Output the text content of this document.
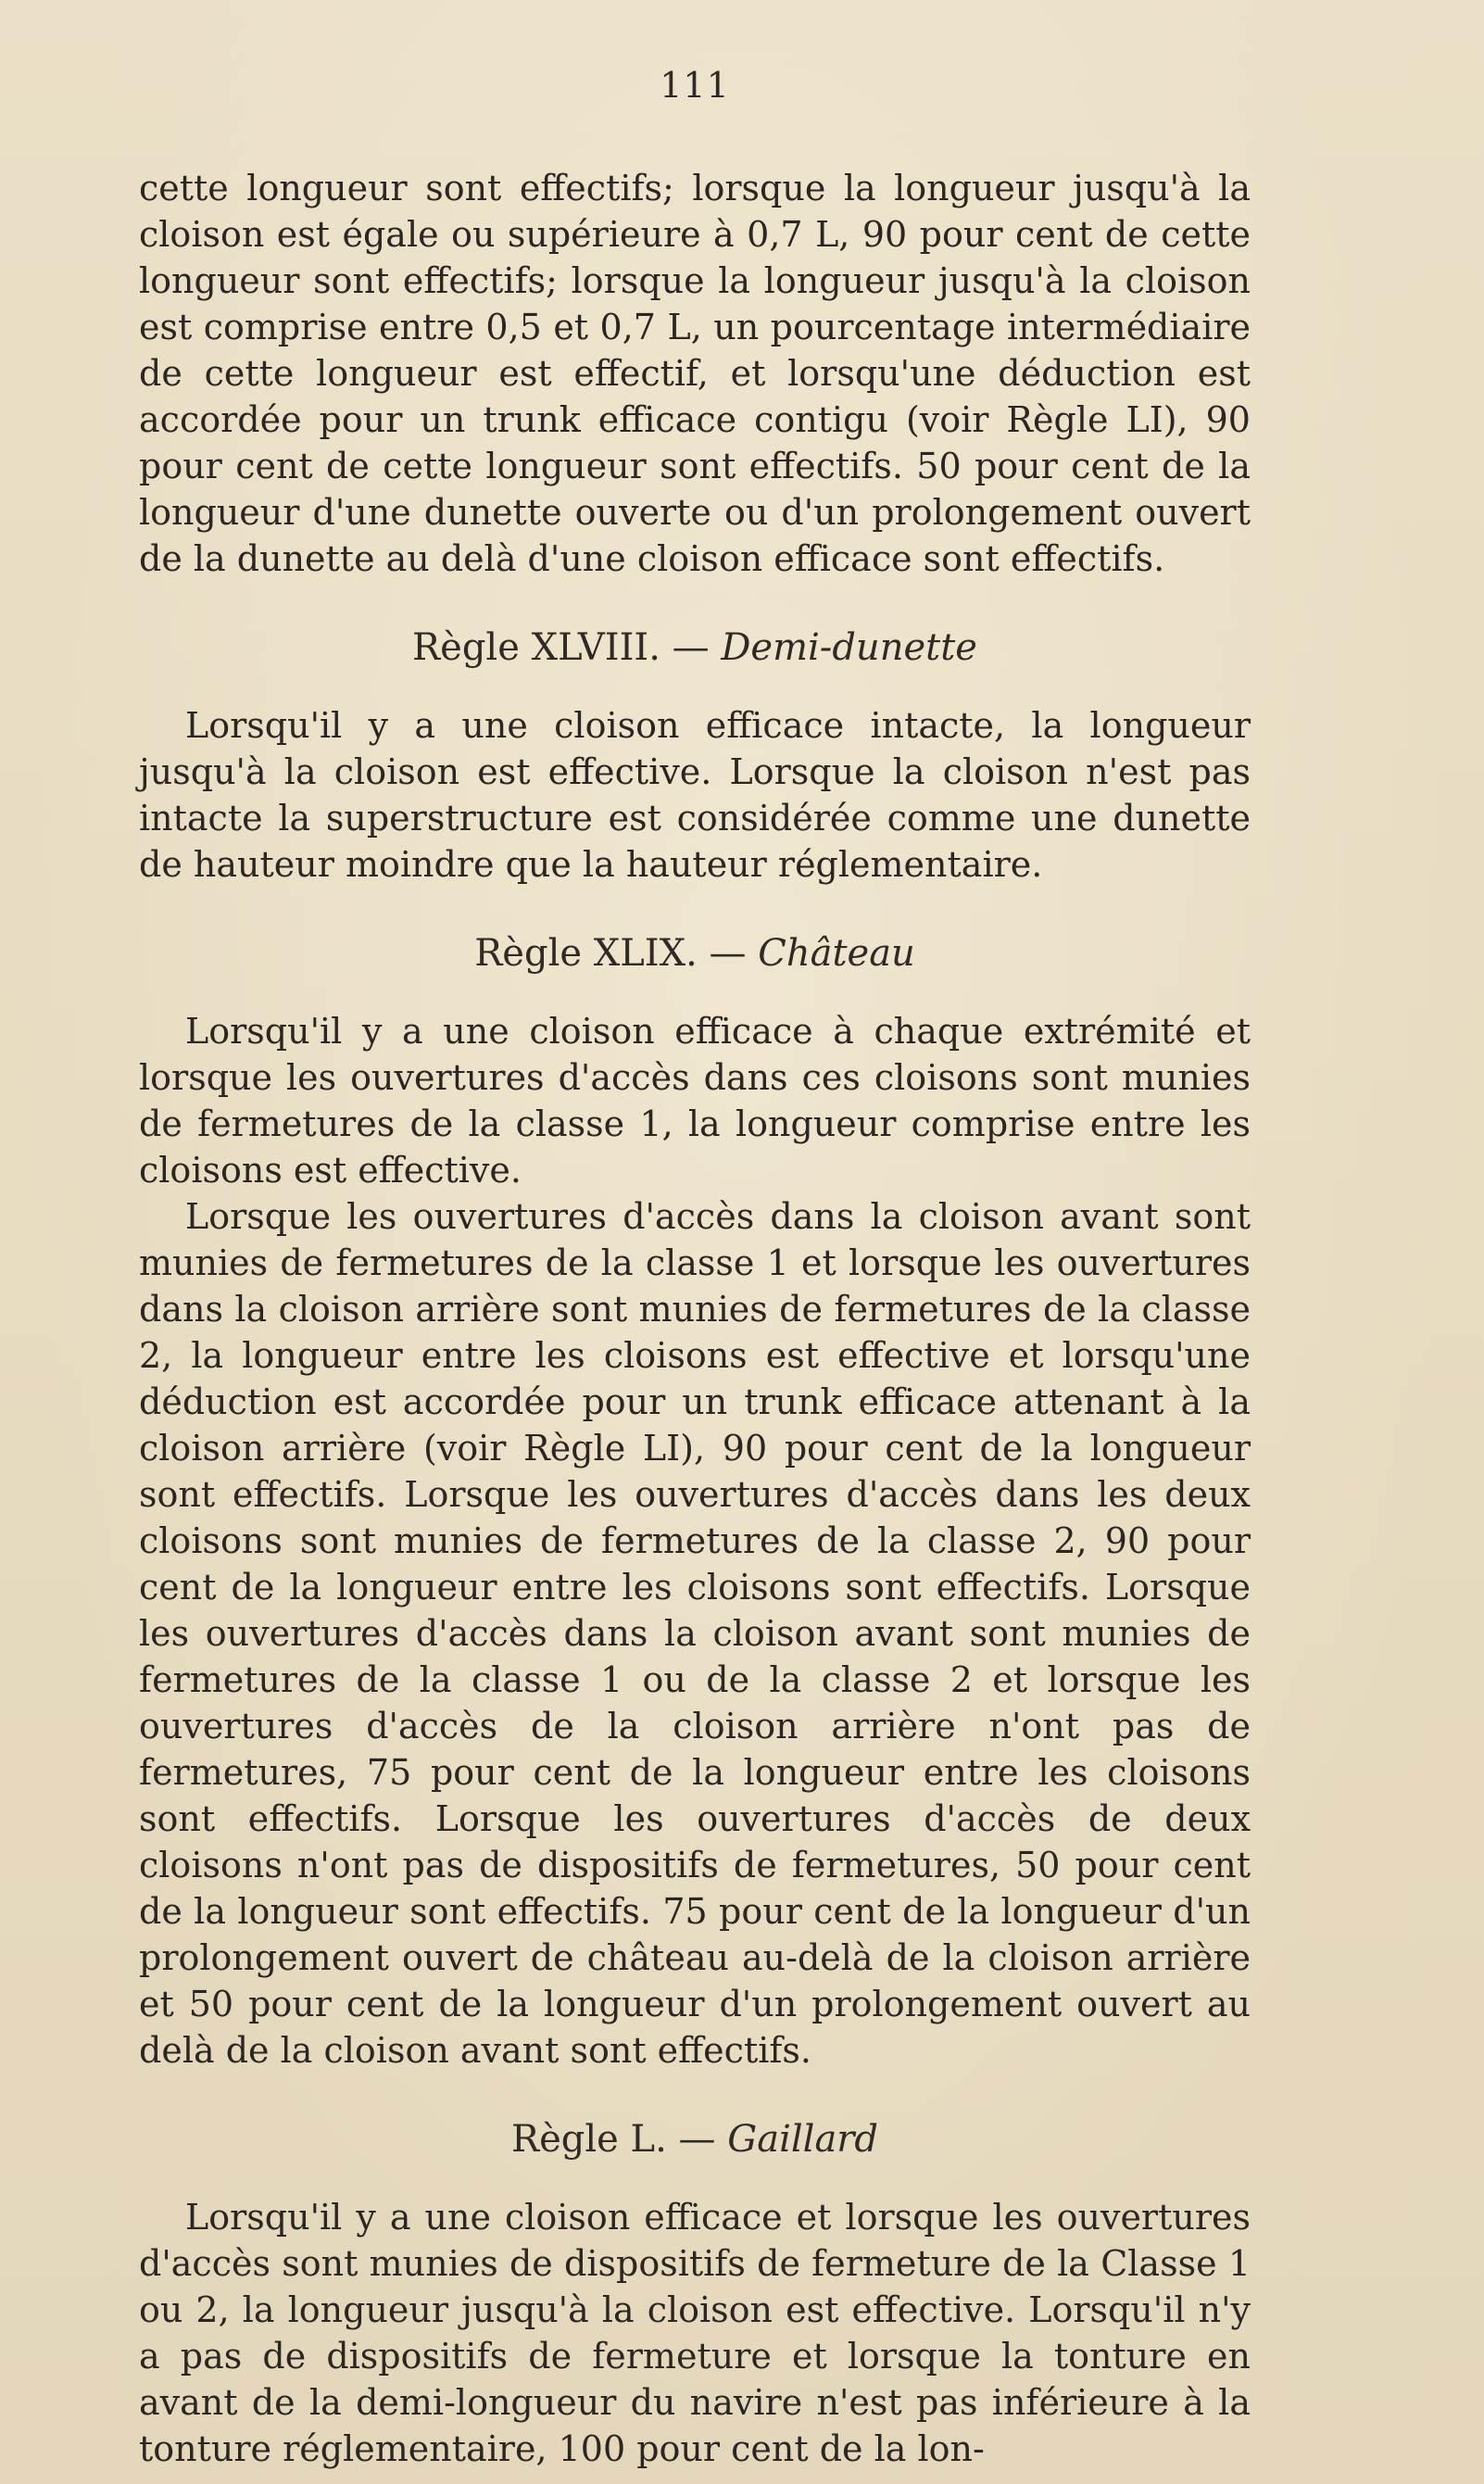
111

cette longueur sont effectifs; lorsque la longueur jusqu'à la cloison est égale ou supérieure à 0,7 L, 90 pour cent de cette longueur sont effectifs; lorsque la longueur jusqu'à la cloison est comprise entre 0,5 et 0,7 L, un pourcentage intermédiaire de cette longueur est effectif, et lorsqu'une déduction est accordée pour un trunk efficace contigu (voir Règle LI), 90 pour cent de cette longueur sont effectifs. 50 pour cent de la longueur d'une dunette ouverte ou d'un prolongement ouvert de la dunette au delà d'une cloison efficace sont effectifs.

Règle XLVIII. — Demi-dunette

Lorsqu'il y a une cloison efficace intacte, la longueur jusqu'à la cloison est effective. Lorsque la cloison n'est pas intacte la superstructure est considérée comme une dunette de hauteur moindre que la hauteur réglementaire.

Règle XLIX. — Château

Lorsqu'il y a une cloison efficace à chaque extrémité et lorsque les ouvertures d'accès dans ces cloisons sont munies de fermetures de la classe 1, la longueur comprise entre les cloisons est effective.

Lorsque les ouvertures d'accès dans la cloison avant sont munies de fermetures de la classe 1 et lorsque les ouvertures dans la cloison arrière sont munies de fermetures de la classe 2, la longueur entre les cloisons est effective et lorsqu'une déduction est accordée pour un trunk efficace attenant à la cloison arrière (voir Règle LI), 90 pour cent de la longueur sont effectifs. Lorsque les ouvertures d'accès dans les deux cloisons sont munies de fermetures de la classe 2, 90 pour cent de la longueur entre les cloisons sont effectifs. Lorsque les ouvertures d'accès dans la cloison avant sont munies de fermetures de la classe 1 ou de la classe 2 et lorsque les ouvertures d'accès de la cloison arrière n'ont pas de fermetures, 75 pour cent de la longueur entre les cloisons sont effectifs. Lorsque les ouvertures d'accès de deux cloisons n'ont pas de dispositifs de fermetures, 50 pour cent de la longueur sont effectifs. 75 pour cent de la longueur d'un prolongement ouvert de château au-delà de la cloison arrière et 50 pour cent de la longueur d'un prolongement ouvert au delà de la cloison avant sont effectifs.

Règle L. — Gaillard

Lorsqu'il y a une cloison efficace et lorsque les ouvertures d'accès sont munies de dispositifs de fermeture de la Classe 1 ou 2, la longueur jusqu'à la cloison est effective. Lorsqu'il n'y a pas de dispositifs de fermeture et lorsque la tonture en avant de la demi-longueur du navire n'est pas inférieure à la tonture réglementaire, 100 pour cent de la lon-
